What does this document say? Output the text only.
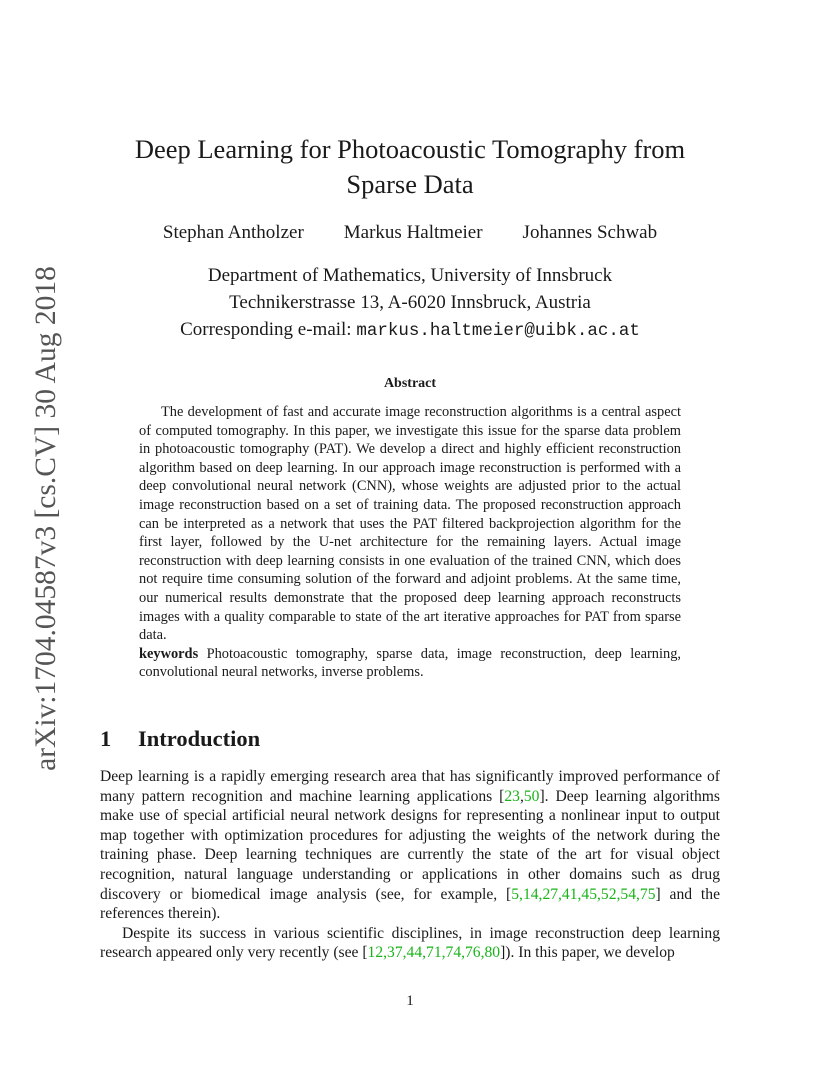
arXiv:1704.04587v3 [cs.CV] 30 Aug 2018
Deep Learning for Photoacoustic Tomography from
Sparse Data
Stephan Antholzer Markus Haltmeier Johannes Schwab
Department of Mathematics, University of Innsbruck
Technikerstrasse 13, A-6020 Innsbruck, Austria
Corresponding e-mail: markus.haltmeier@uibk.ac.at
Abstract

The development of fast and accurate image reconstruction algorithms is a central aspect of computed tomography. In this paper, we investigate this issue for the sparse data problem in photoacoustic tomography (PAT). We develop a direct and highly efficient reconstruction algorithm based on deep learning. In our approach image reconstruction is performed with a deep convolutional neural network (CNN), whose weights are adjusted prior to the actual image reconstruction based on a set of training data. The proposed reconstruction approach can be interpreted as a network that uses the PAT filtered backprojection algorithm for the first layer, followed by the U-net architecture for the remaining layers. Actual image reconstruction with deep learning consists in one evaluation of the trained CNN, which does not require time consuming solution of the forward and adjoint problems. At the same time, our numerical results demonstrate that the proposed deep learning approach reconstructs images with a quality comparable to state of the art iterative approaches for PAT from sparse data.

keywords Photoacoustic tomography, sparse data, image reconstruction, deep learning, convolutional neural networks, inverse problems.
1 Introduction

Deep learning is a rapidly emerging research area that has significantly improved performance of many pattern recognition and machine learning applications [23,50]. Deep learning algorithms make use of special artificial neural network designs for representing a nonlinear input to output map together with optimization procedures for adjusting the weights of the network during the training phase. Deep learning techniques are currently the state of the art for visual object recognition, natural language understanding or applications in other domains such as drug discovery or biomedical image analysis (see, for example, [5,14,27,41,45,52,54,75] and the references therein).

Despite its success in various scientific disciplines, in image reconstruction deep learning research appeared only very recently (see [12,37,44,71,74,76,80]). In this paper, we develop

1
